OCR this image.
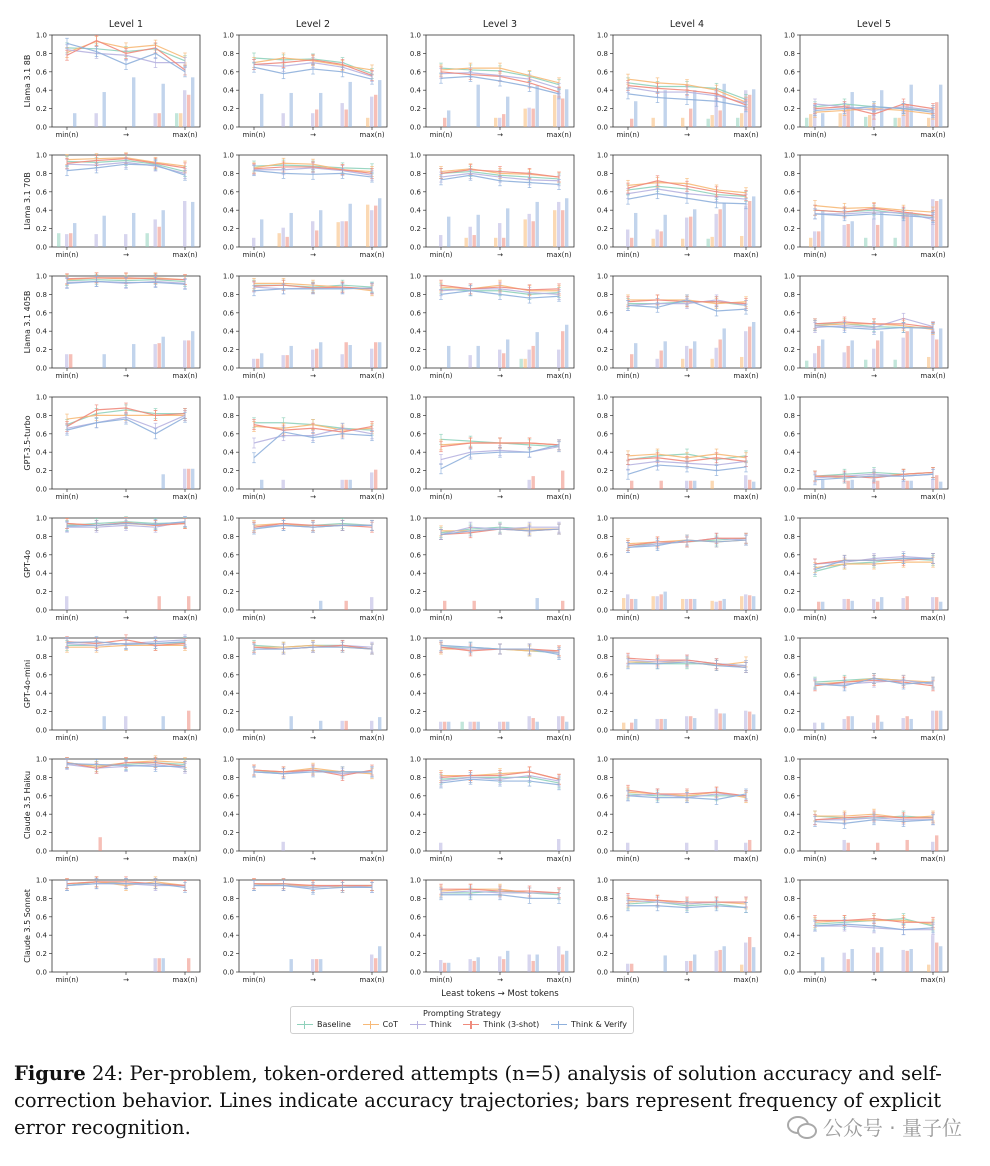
Level 1	Level 2	Level 3	Level 4	Level 5
0.0
0.2
0.4
0.6
0.8
1.0
min(n)	→	max(n)
Llama 3.1 8B
0.0
0.2
0.4
0.6
0.8
1.0
min(n)	→	max(n)
0.0
0.2
0.4
0.6
0.8
1.0
min(n)	→	max(n)
0.0
0.2
0.4
0.6
0.8
1.0
min(n)	→	max(n)
0.0
0.2
0.4
0.6
0.8
1.0
min(n)	→	max(n)
0.0
0.2
0.4
0.6
0.8
1.0
min(n)	→	max(n)
Llama 3.1 70B
0.0
0.2
0.4
0.6
0.8
1.0
min(n)	→	max(n)
0.0
0.2
0.4
0.6
0.8
1.0
min(n)	→	max(n)
0.0
0.2
0.4
0.6
0.8
1.0
min(n)	→	max(n)
0.0
0.2
0.4
0.6
0.8
1.0
min(n)	→	max(n)
0.0
0.2
0.4
0.6
0.8
1.0
min(n)	→	max(n)
Llama 3.1 405B
0.0
0.2
0.4
0.6
0.8
1.0
min(n)	→	max(n)
0.0
0.2
0.4
0.6
0.8
1.0
min(n)	→	max(n)
0.0
0.2
0.4
0.6
0.8
1.0
min(n)	→	max(n)
0.0
0.2
0.4
0.6
0.8
1.0
min(n)	→	max(n)
0.0
0.2
0.4
0.6
0.8
1.0
min(n)	→	max(n)
GPT-3.5-turbo
0.0
0.2
0.4
0.6
0.8
1.0
min(n)	→	max(n)
0.0
0.2
0.4
0.6
0.8
1.0
min(n)	→	max(n)
0.0
0.2
0.4
0.6
0.8
1.0
min(n)	→	max(n)
0.0
0.2
0.4
0.6
0.8
1.0
min(n)	→	max(n)
0.0
0.2
0.4
0.6
0.8
1.0
min(n)	→	max(n)
GPT-4o
0.0
0.2
0.4
0.6
0.8
1.0
min(n)	→	max(n)
0.0
0.2
0.4
0.6
0.8
1.0
min(n)	→	max(n)
0.0
0.2
0.4
0.6
0.8
1.0
min(n)	→	max(n)
0.0
0.2
0.4
0.6
0.8
1.0
min(n)	→	max(n)
0.0
0.2
0.4
0.6
0.8
1.0
min(n)	→	max(n)
GPT-4o-mini
0.0
0.2
0.4
0.6
0.8
1.0
min(n)	→	max(n)
0.0
0.2
0.4
0.6
0.8
1.0
min(n)	→	max(n)
0.0
0.2
0.4
0.6
0.8
1.0
min(n)	→	max(n)
0.0
0.2
0.4
0.6
0.8
1.0
min(n)	→	max(n)
0.0
0.2
0.4
0.6
0.8
1.0
min(n)	→	max(n)
Claude 3.5 Haiku
0.0
0.2
0.4
0.6
0.8
1.0
min(n)	→	max(n)
0.0
0.2
0.4
0.6
0.8
1.0
min(n)	→	max(n)
0.0
0.2
0.4
0.6
0.8
1.0
min(n)	→	max(n)
0.0
0.2
0.4
0.6
0.8
1.0
min(n)	→	max(n)
0.0
0.2
0.4
0.6
0.8
1.0
min(n)	→	max(n)
Claude 3.5 Sonnet
0.0
0.2
0.4
0.6
0.8
1.0
min(n)	→	max(n)
0.0
0.2
0.4
0.6
0.8
1.0
min(n)	→	max(n)
0.0
0.2
0.4
0.6
0.8
1.0
min(n)	→	max(n)
0.0
0.2
0.4
0.6
0.8
1.0
min(n)	→	max(n)
Least tokens → Most tokens
Prompting Strategy
Baseline	CoT	Think	Think (3-shot)	Think & Verify
Figure 24: Per-problem, token-ordered attempts (n=5) analysis of solution accuracy and self-correction behavior. Lines indicate accuracy trajectories; bars represent frequency of explicit error recognition.	公众号 · 量子位
